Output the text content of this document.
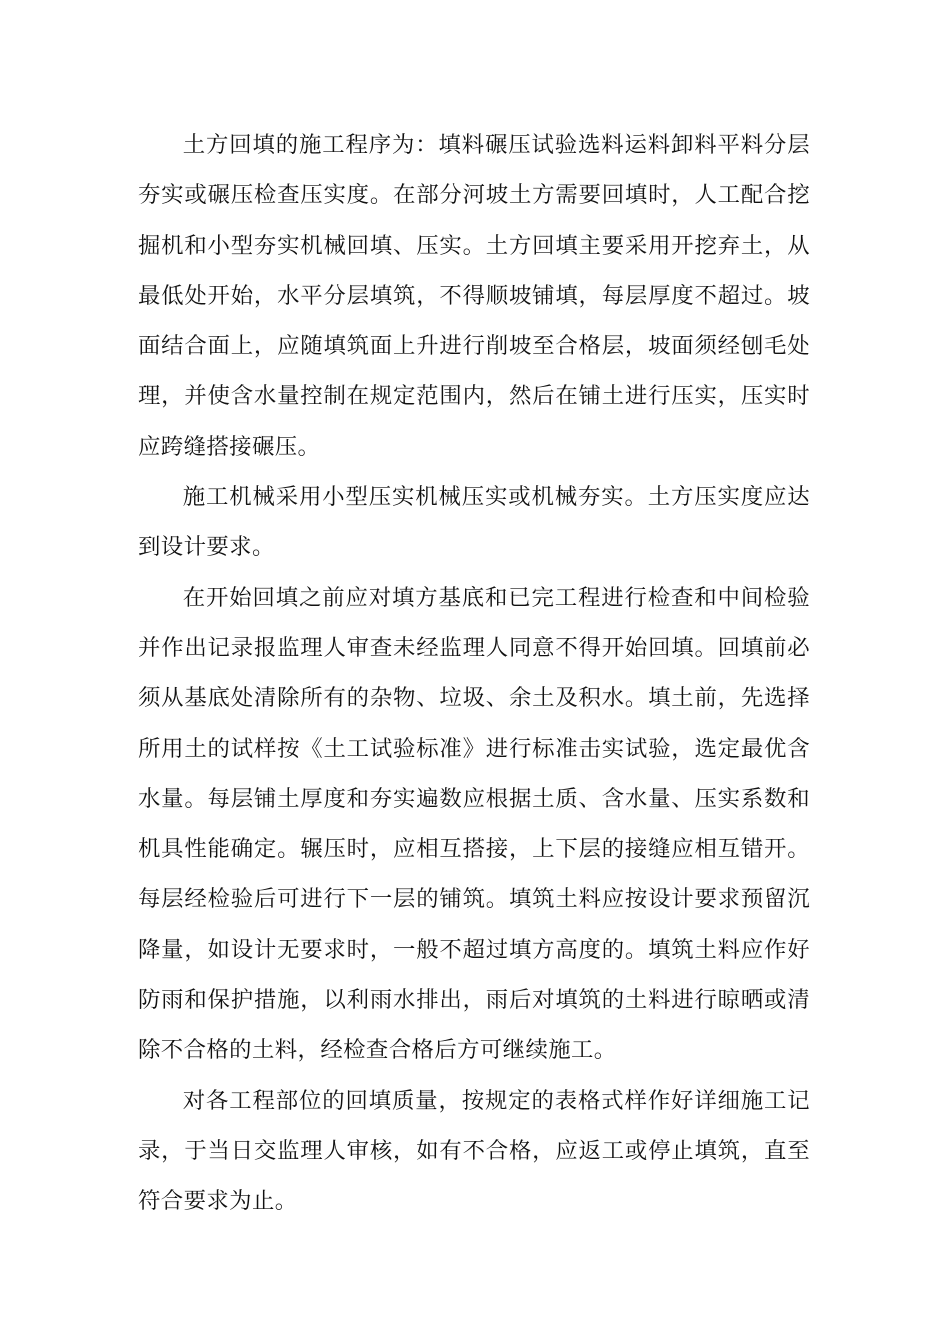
土方回填的施工程序为：填料碾压试验选料运料卸料平料分层夯实或碾压检查压实度。在部分河坡土方需要回填时，人工配合挖掘机和小型夯实机械回填、压实。土方回填主要采用开挖弃土，从最低处开始，水平分层填筑，不得顺坡铺填，每层厚度不超过。坡面结合面上，应随填筑面上升进行削坡至合格层，坡面须经刨毛处理，并使含水量控制在规定范围内，然后在铺土进行压实，压实时应跨缝搭接碾压。

施工机械采用小型压实机械压实或机械夯实。土方压实度应达到设计要求。

在开始回填之前应对填方基底和已完工程进行检查和中间检验并作出记录报监理人审查未经监理人同意不得开始回填。回填前必须从基底处清除所有的杂物、垃圾、余土及积水。填土前，先选择所用土的试样按《土工试验标准》进行标准击实试验，选定最优含水量。每层铺土厚度和夯实遍数应根据土质、含水量、压实系数和机具性能确定。辗压时，应相互搭接，上下层的接缝应相互错开。每层经检验后可进行下一层的铺筑。填筑土料应按设计要求预留沉降量，如设计无要求时，一般不超过填方高度的。填筑土料应作好防雨和保护措施，以利雨水排出，雨后对填筑的土料进行晾晒或清除不合格的土料，经检查合格后方可继续施工。

对各工程部位的回填质量，按规定的表格式样作好详细施工记录，于当日交监理人审核，如有不合格，应返工或停止填筑，直至符合要求为止。
